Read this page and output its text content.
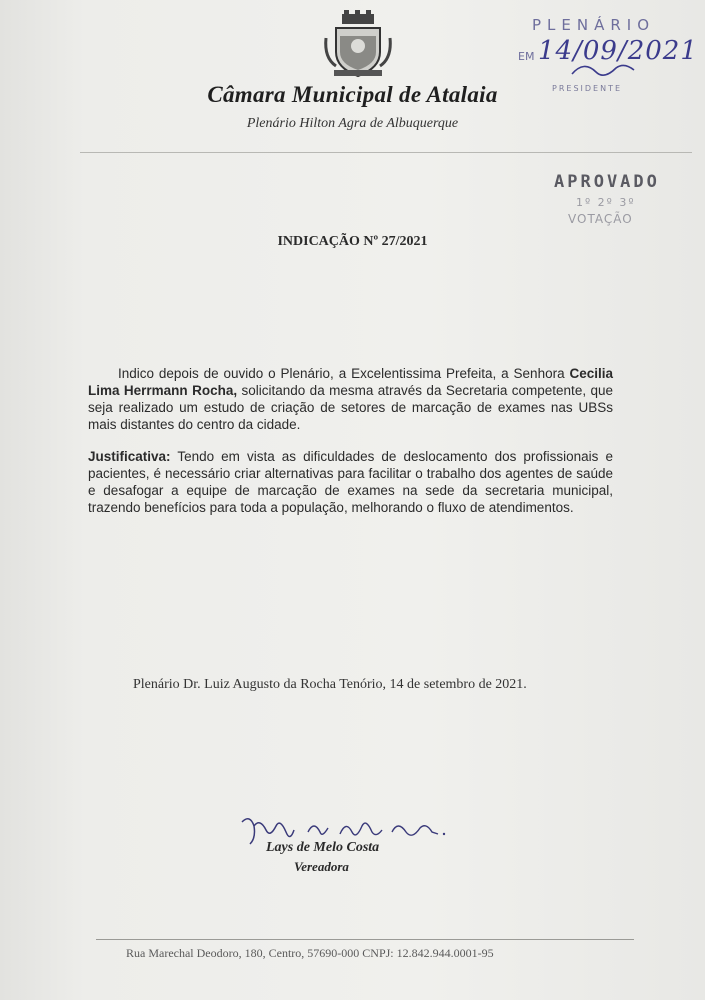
Câmara Municipal de Atalaia
Plenário Hilton Agra de Albuquerque
PLENÁRIO
EM 14/09/2021
PRESIDENTE
APROVADO
1º 2º 3º
VOTAÇÃO
INDICAÇÃO Nº 27/2021

Indico depois de ouvido o Plenário, a Excelentissima Prefeita, a Senhora Cecilia Lima Herrmann Rocha, solicitando da mesma através da Secretaria competente, que seja realizado um estudo de criação de setores de marcação de exames nas UBSs mais distantes do centro da cidade.

Justificativa: Tendo em vista as dificuldades de deslocamento dos profissionais e pacientes, é necessário criar alternativas para facilitar o trabalho dos agentes de saúde e desafogar a equipe de marcação de exames na sede da secretaria municipal, trazendo benefícios para toda a população, melhorando o fluxo de atendimentos.

Plenário Dr. Luiz Augusto da Rocha Tenório, 14 de setembro de 2021.
Lays de Melo Costa
Vereadora
Rua Marechal Deodoro, 180, Centro, 57690-000 CNPJ: 12.842.944.0001-95
